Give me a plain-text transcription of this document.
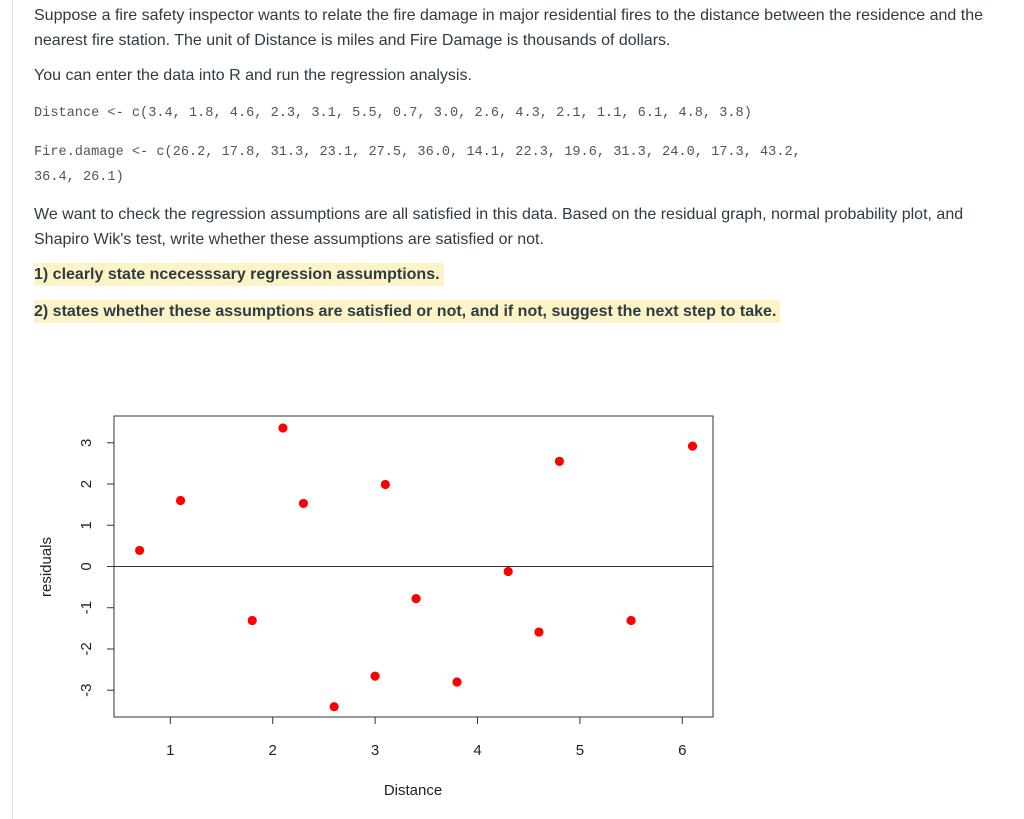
Suppose a fire safety inspector wants to relate the fire damage in major residential fires to the distance between the residence and the nearest fire station. The unit of Distance is miles and Fire Damage is thousands of dollars.

You can enter the data into R and run the regression analysis.

Distance <- c(3.4, 1.8, 4.6, 2.3, 3.1, 5.5, 0.7, 3.0, 2.6, 4.3, 2.1, 1.1, 6.1, 4.8, 3.8)
Fire.damage <- c(26.2, 17.8, 31.3, 23.1, 27.5, 36.0, 14.1, 22.3, 19.6, 31.3, 24.0, 17.3, 43.2,
36.4, 26.1)

We want to check the regression assumptions are all satisfied in this data. Based on the residual graph, normal probability plot, and Shapiro Wik's test, write whether these assumptions are satisfied or not.

1) clearly state ncecesssary regression assumptions.
2) states whether these assumptions are satisfied or not, and if not, suggest the next step to take.
1	2	3	4	5	6
-3
-2
-1
0
1
2
3
Distance
residuals
